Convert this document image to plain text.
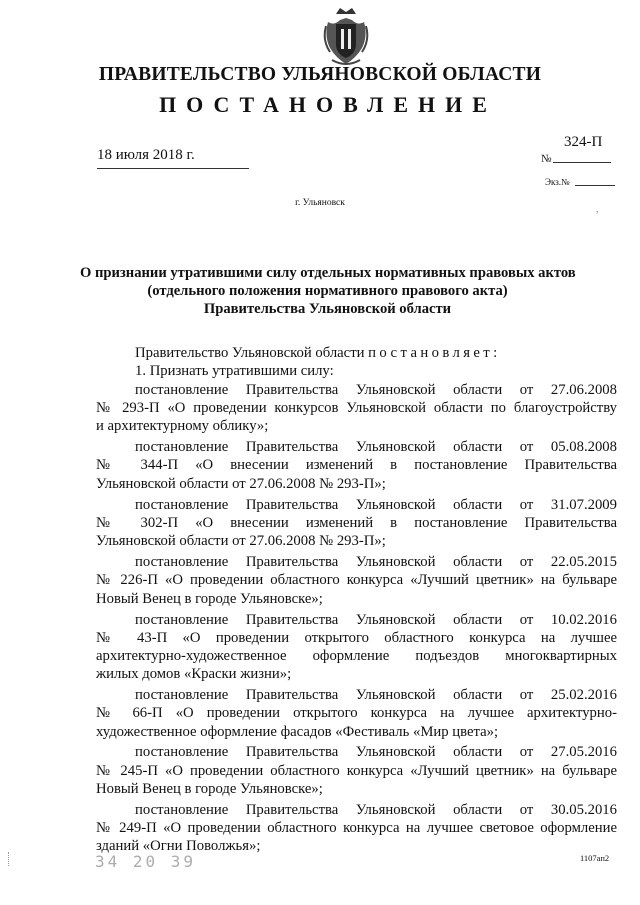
ПРАВИТЕЛЬСТВО УЛЬЯНОВСКОЙ ОБЛАСТИ
ПОСТАНОВЛЕНИЕ
18 июля 2018 г.	№
324-П
Экз.№
г. Ульяновск
,
О признании утратившими силу отдельных нормативных правовых актов
(отдельного положения нормативного правового акта)
Правительства Ульяновской области
Правительство Ульяновской области постановляет:
1. Признать утратившими силу:
постановление Правительства Ульяновской области от 27.06.2008
№ 293-П «О проведении конкурсов Ульяновской области по благоустройству
и архитектурному облику»;
постановление Правительства Ульяновской области от 05.08.2008
№ 344-П «О внесении изменений в постановление Правительства
Ульяновской области от 27.06.2008 № 293-П»;
постановление Правительства Ульяновской области от 31.07.2009
№ 302-П «О внесении изменений в постановление Правительства
Ульяновской области от 27.06.2008 № 293-П»;
постановление Правительства Ульяновской области от 22.05.2015
№ 226-П «О проведении областного конкурса «Лучший цветник» на бульваре
Новый Венец в городе Ульяновске»;
постановление Правительства Ульяновской области от 10.02.2016
№ 43-П «О проведении открытого областного конкурса на лучшее
архитектурно-художественное оформление подъездов многоквартирных
жилых домов «Краски жизни»;
постановление Правительства Ульяновской области от 25.02.2016
№ 66-П «О проведении открытого конкурса на лучшее архитектурно-
художественное оформление фасадов «Фестиваль «Мир цвета»;
постановление Правительства Ульяновской области от 27.05.2016
№ 245-П «О проведении областного конкурса «Лучший цветник» на бульваре
Новый Венец в городе Ульяновске»;
постановление Правительства Ульяновской области от 30.05.2016
№ 249-П «О проведении областного конкурса на лучшее световое оформление
зданий «Огни Поволжья»;
34 20 39	1107ап2
